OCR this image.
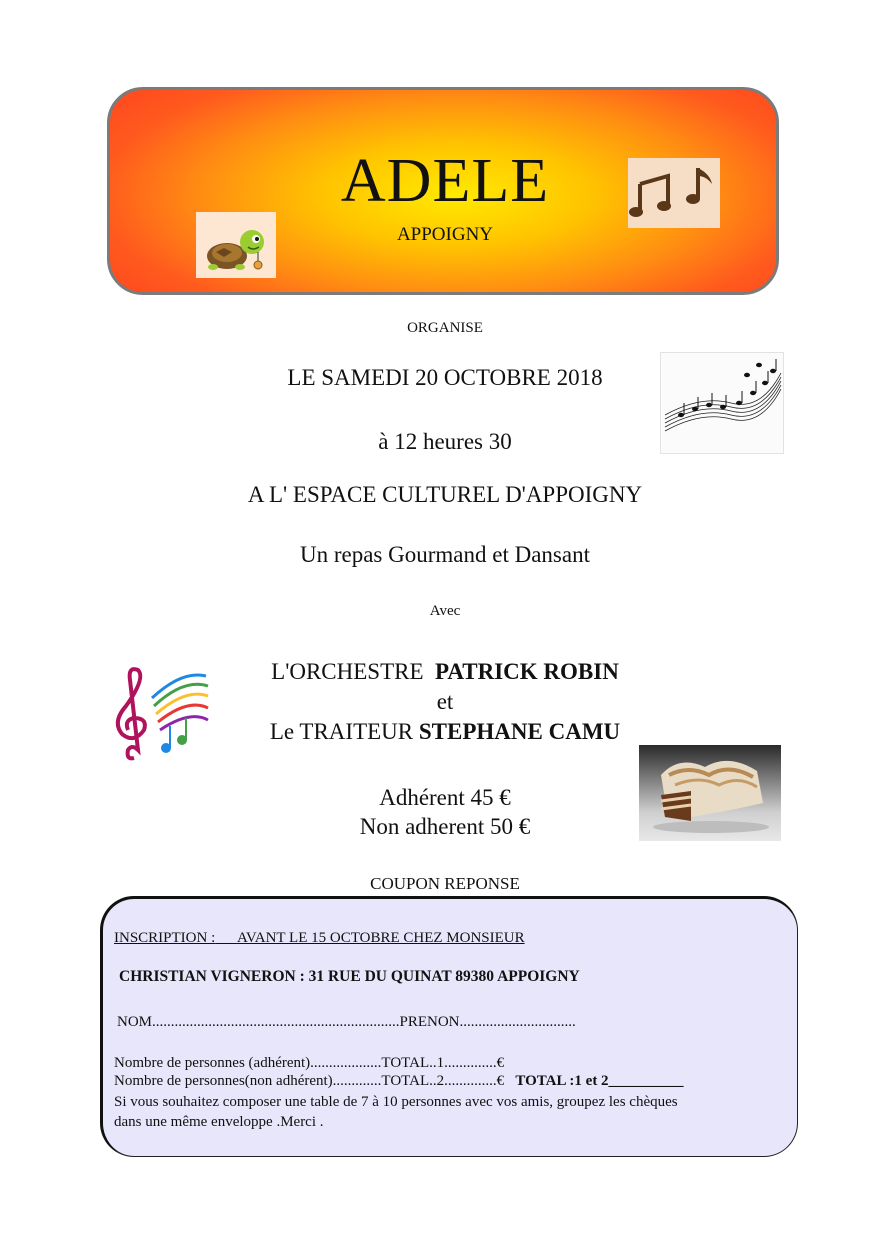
ADELE
APPOIGNY
ORGANISE
LE SAMEDI 20 OCTOBRE 2018
à 12 heures 30
A L' ESPACE CULTUREL D'APPOIGNY
Un repas Gourmand et Dansant
Avec
L'ORCHESTRE PATRICK ROBIN
et
Le TRAITEUR STEPHANE CAMU
Adhérent 45 €
Non adherent 50 €
COUPON REPONSE
INSCRIPTION : AVANT LE 15 OCTOBRE CHEZ MONSIEUR
CHRISTIAN VIGNERON : 31 RUE DU QUINAT 89380 APPOIGNY
NOM..................................................................PRENON...............................
Nombre de personnes (adhérent)...................TOTAL..1..............€
Nombre de personnes(non adhérent).............TOTAL..2..............€ TOTAL :1 et 2__________
Si vous souhaitez composer une table de 7 à 10 personnes avec vos amis, groupez les chèques
dans une même enveloppe .Merci .
